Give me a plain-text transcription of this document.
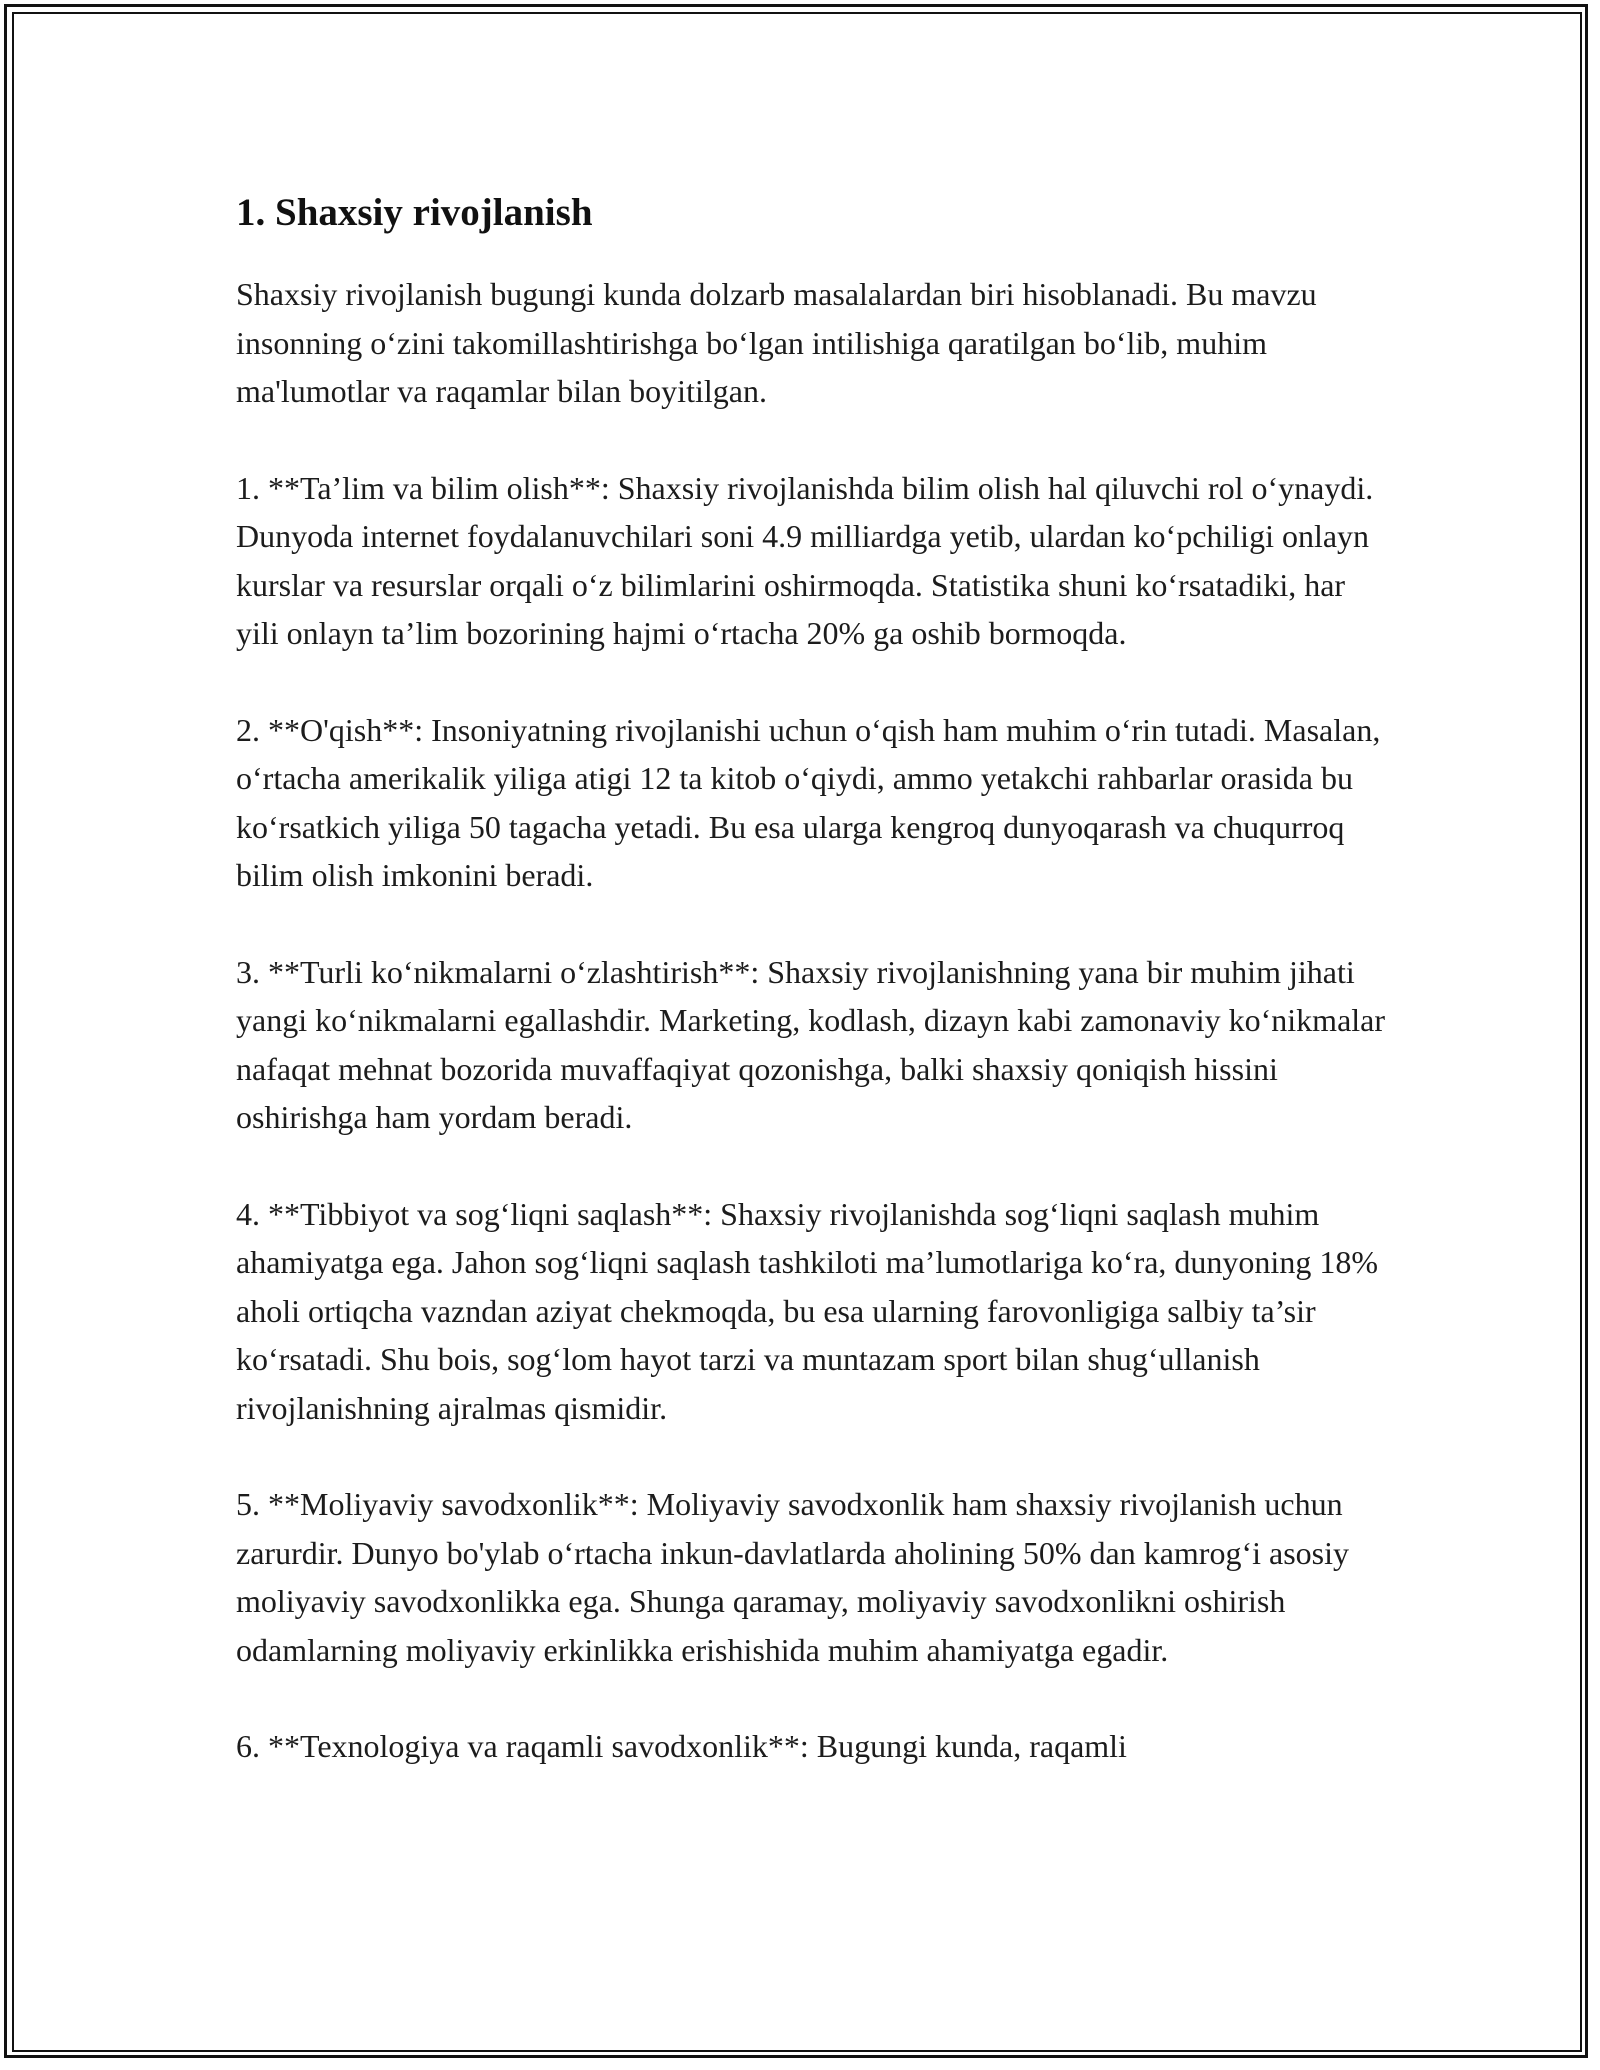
1. Shaxsiy rivojlanish

Shaxsiy rivojlanish bugungi kunda dolzarb masalalardan biri hisoblanadi. Bu mavzu insonning o‘zini takomillashtirishga bo‘lgan intilishiga qaratilgan bo‘lib, muhim ma'lumotlar va raqamlar bilan boyitilgan.

1. **Ta’lim va bilim olish**: Shaxsiy rivojlanishda bilim olish hal qiluvchi rol o‘ynaydi. Dunyoda internet foydalanuvchilari soni 4.9 milliardga yetib, ulardan ko‘pchiligi onlayn kurslar va resurslar orqali o‘z bilimlarini oshirmoqda. Statistika shuni ko‘rsatadiki, har yili onlayn ta’lim bozorining hajmi o‘rtacha 20% ga oshib bormoqda.

2. **O'qish**: Insoniyatning rivojlanishi uchun o‘qish ham muhim o‘rin tutadi. Masalan, o‘rtacha amerikalik yiliga atigi 12 ta kitob o‘qiydi, ammo yetakchi rahbarlar orasida bu ko‘rsatkich yiliga 50 tagacha yetadi. Bu esa ularga kengroq dunyoqarash va chuqurroq bilim olish imkonini beradi.

3. **Turli ko‘nikmalarni o‘zlashtirish**: Shaxsiy rivojlanishning yana bir muhim jihati yangi ko‘nikmalarni egallashdir. Marketing, kodlash, dizayn kabi zamonaviy ko‘nikmalar nafaqat mehnat bozorida muvaffaqiyat qozonishga, balki shaxsiy qoniqish hissini oshirishga ham yordam beradi.

4. **Tibbiyot va sog‘liqni saqlash**: Shaxsiy rivojlanishda sog‘liqni saqlash muhim ahamiyatga ega. Jahon sog‘liqni saqlash tashkiloti ma’lumotlariga ko‘ra, dunyoning 18% aholi ortiqcha vazndan aziyat chekmoqda, bu esa ularning farovonligiga salbiy ta’sir ko‘rsatadi. Shu bois, sog‘lom hayot tarzi va muntazam sport bilan shug‘ullanish rivojlanishning ajralmas qismidir.

5. **Moliyaviy savodxonlik**: Moliyaviy savodxonlik ham shaxsiy rivojlanish uchun zarurdir. Dunyo bo'ylab o‘rtacha inkun-davlatlarda aholining 50% dan kamrog‘i asosiy moliyaviy savodxonlikka ega. Shunga qaramay, moliyaviy savodxonlikni oshirish odamlarning moliyaviy erkinlikka erishishida muhim ahamiyatga egadir.

6. **Texnologiya va raqamli savodxonlik**: Bugungi kunda, raqamli
